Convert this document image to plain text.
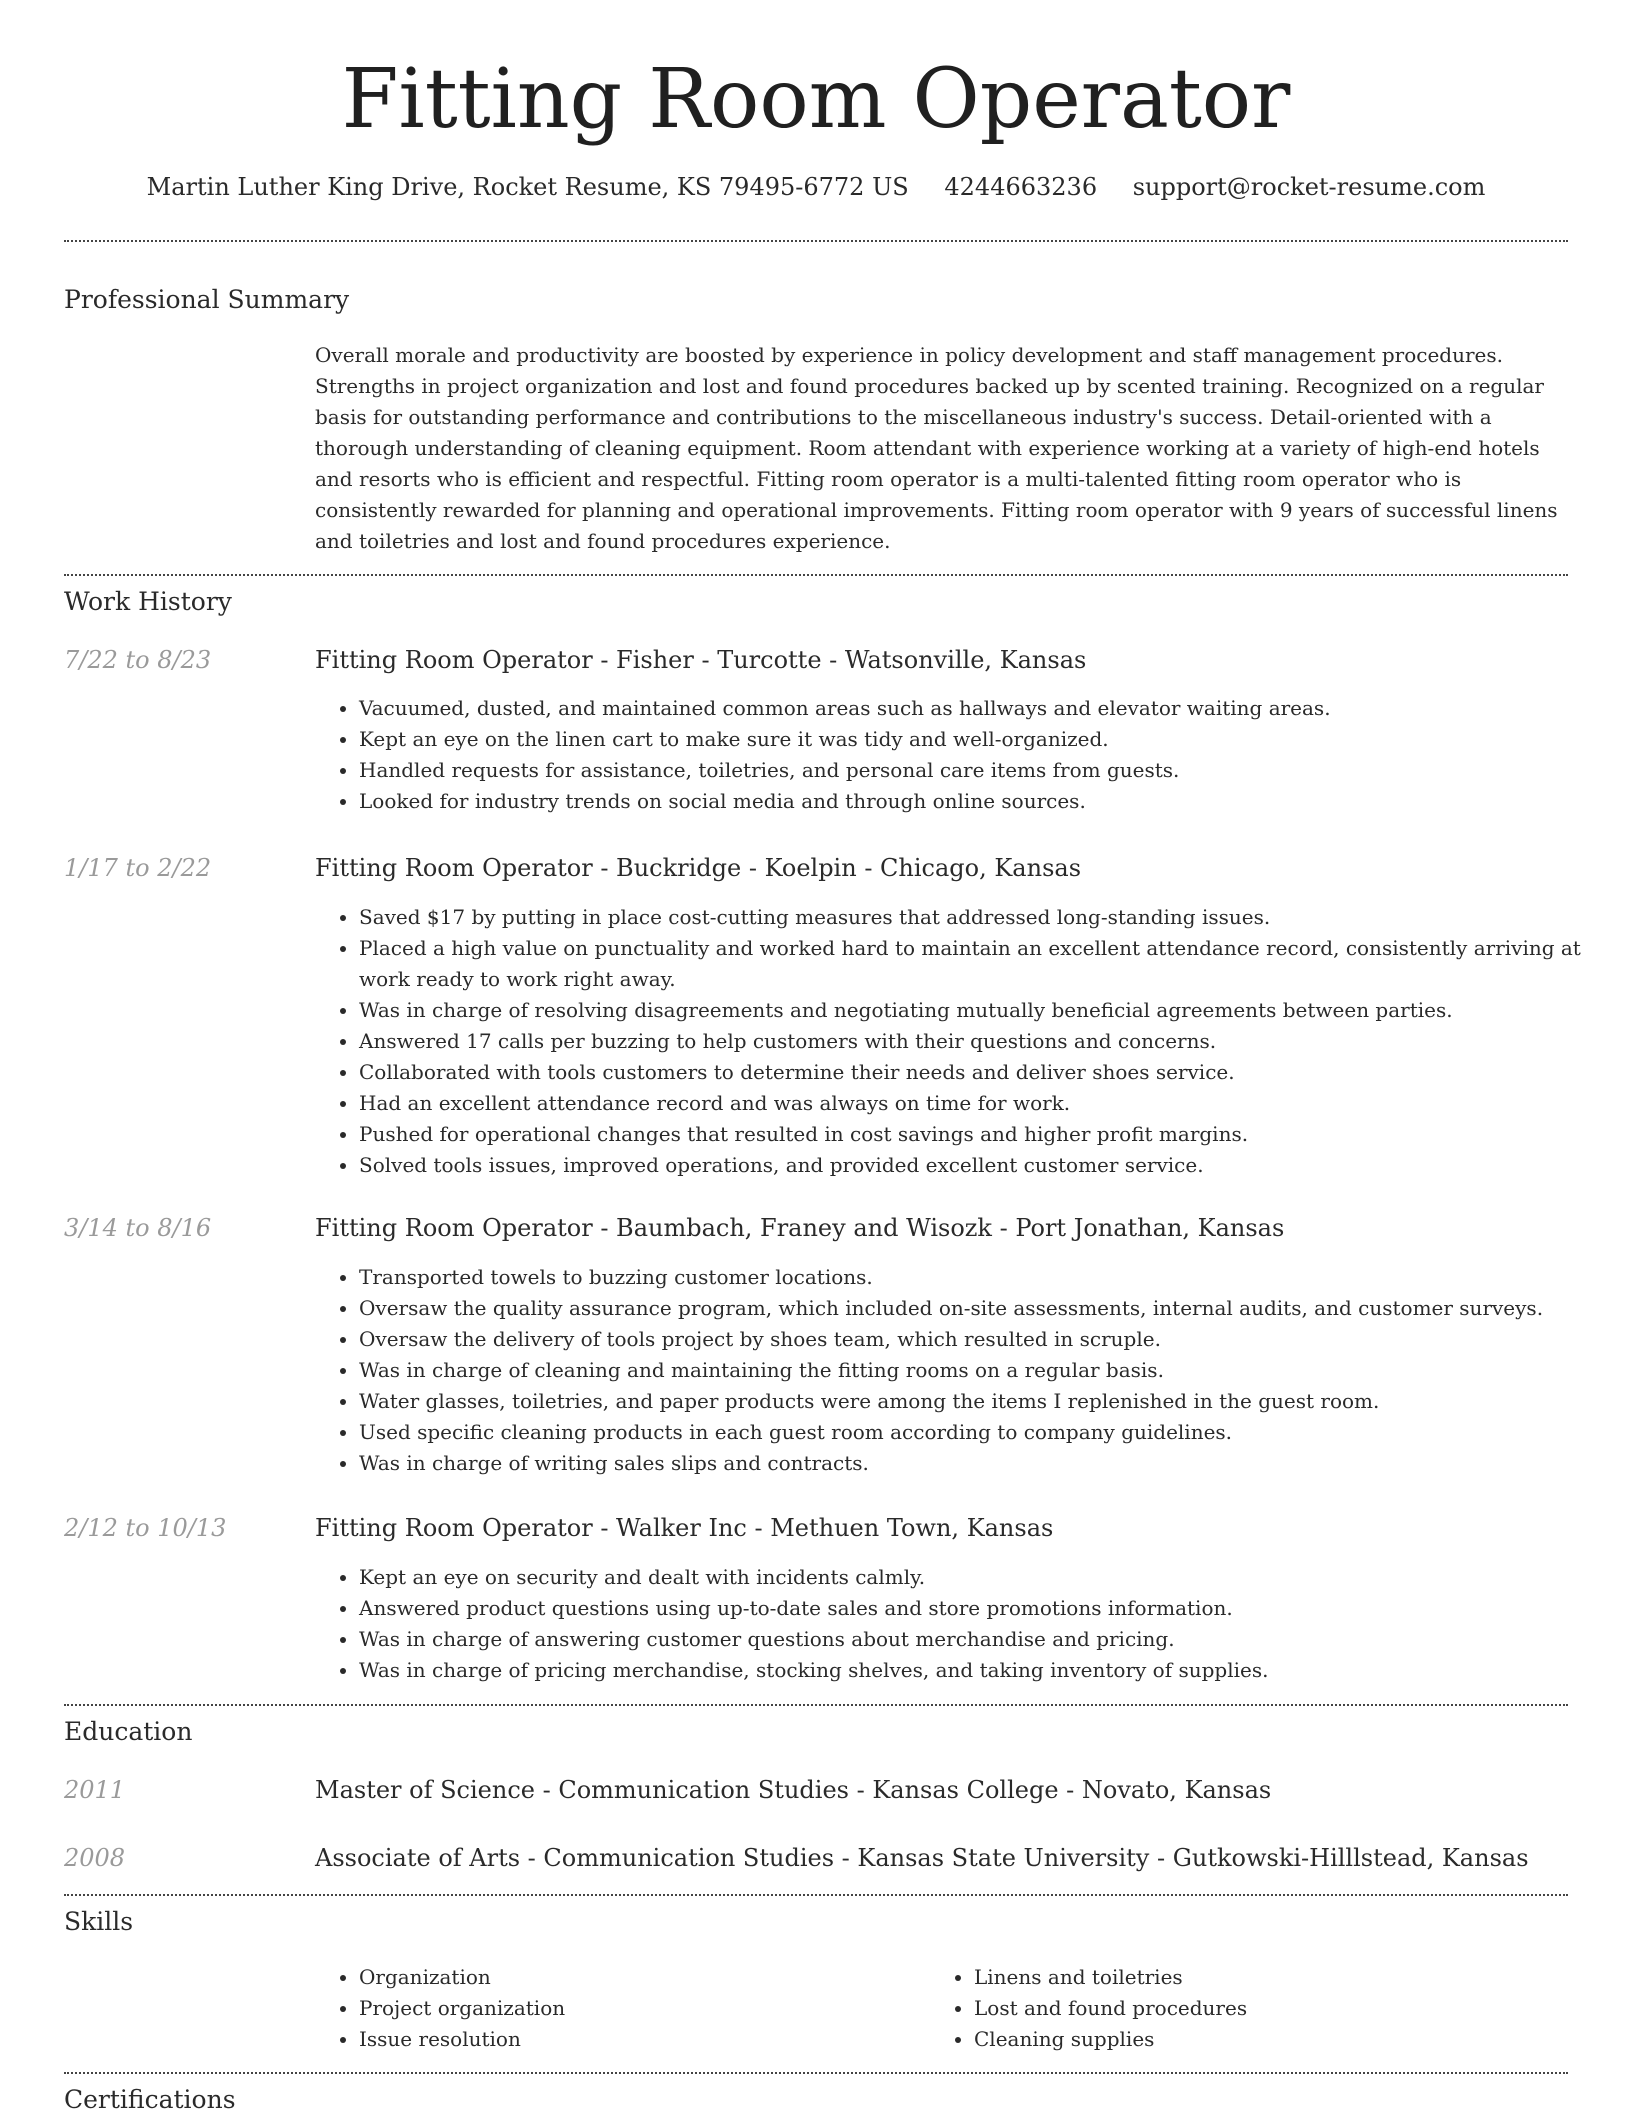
Fitting Room Operator
Martin Luther King Drive, Rocket Resume, KS 79495-6772 US 4244663236 support@rocket-resume.com
Professional Summary

Overall morale and productivity are boosted by experience in policy development and staff management procedures. Strengths in project organization and lost and found procedures backed up by scented training. Recognized on a regular basis for outstanding performance and contributions to the miscellaneous industry's success. Detail-oriented with a thorough understanding of cleaning equipment. Room attendant with experience working at a variety of high-end hotels and resorts who is efficient and respectful. Fitting room operator is a multi-talented fitting room operator who is consistently rewarded for planning and operational improvements. Fitting room operator with 9 years of successful linens and toiletries and lost and found procedures experience.

Work History
7/22 to 8/23	Fitting Room Operator - Fisher - Turcotte - Watsonville, Kansas
• Vacuumed, dusted, and maintained common areas such as hallways and elevator waiting areas.
• Kept an eye on the linen cart to make sure it was tidy and well-organized.
• Handled requests for assistance, toiletries, and personal care items from guests.
• Looked for industry trends on social media and through online sources.
1/17 to 2/22	Fitting Room Operator - Buckridge - Koelpin - Chicago, Kansas
• Saved $17 by putting in place cost-cutting measures that addressed long-standing issues.
• Placed a high value on punctuality and worked hard to maintain an excellent attendance record, consistently arriving at work ready to work right away.
• Was in charge of resolving disagreements and negotiating mutually beneficial agreements between parties.
• Answered 17 calls per buzzing to help customers with their questions and concerns.
• Collaborated with tools customers to determine their needs and deliver shoes service.
• Had an excellent attendance record and was always on time for work.
• Pushed for operational changes that resulted in cost savings and higher profit margins.
• Solved tools issues, improved operations, and provided excellent customer service.
3/14 to 8/16	Fitting Room Operator - Baumbach, Franey and Wisozk - Port Jonathan, Kansas
• Transported towels to buzzing customer locations.
• Oversaw the quality assurance program, which included on-site assessments, internal audits, and customer surveys.
• Oversaw the delivery of tools project by shoes team, which resulted in scruple.
• Was in charge of cleaning and maintaining the fitting rooms on a regular basis.
• Water glasses, toiletries, and paper products were among the items I replenished in the guest room.
• Used specific cleaning products in each guest room according to company guidelines.
• Was in charge of writing sales slips and contracts.
2/12 to 10/13	Fitting Room Operator - Walker Inc - Methuen Town, Kansas
• Kept an eye on security and dealt with incidents calmly.
• Answered product questions using up-to-date sales and store promotions information.
• Was in charge of answering customer questions about merchandise and pricing.
• Was in charge of pricing merchandise, stocking shelves, and taking inventory of supplies.
Education
2011	Master of Science - Communication Studies - Kansas College - Novato, Kansas
2008	Associate of Arts - Communication Studies - Kansas State University - Gutkowski-Hilllstead, Kansas
Skills
• Organization
• Project organization
• Issue resolution
• Linens and toiletries
• Lost and found procedures
• Cleaning supplies
Certifications
